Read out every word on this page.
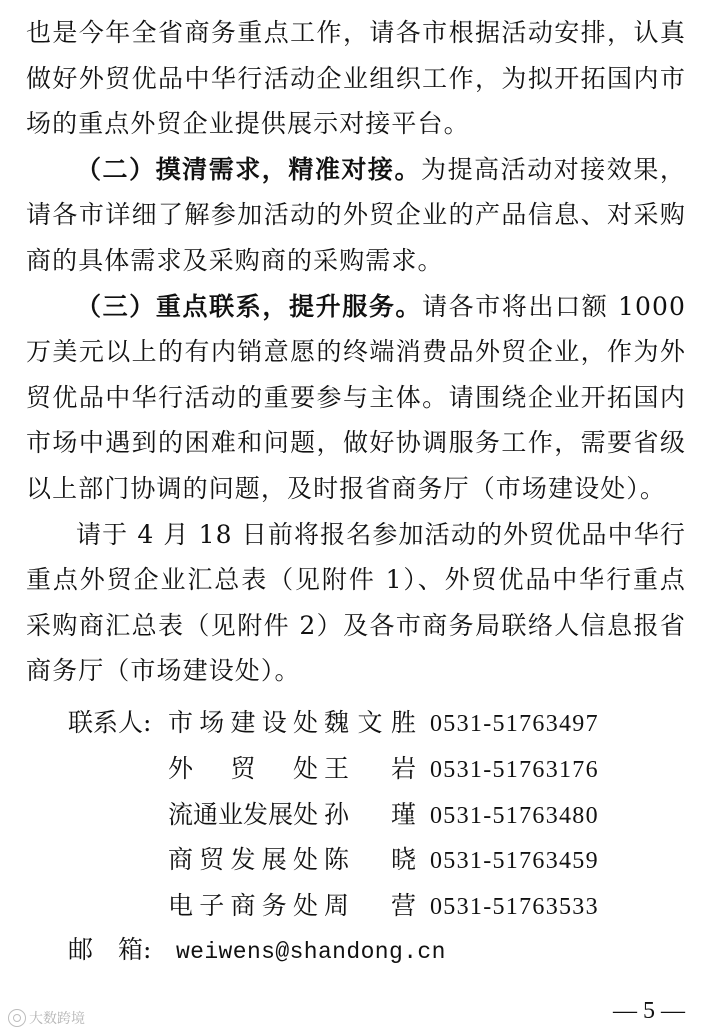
也是今年全省商务重点工作，请各市根据活动安排，认真做好外贸优品中华行活动企业组织工作，为拟开拓国内市场的重点外贸企业提供展示对接平台。

（二）摸清需求，精准对接。为提高活动对接效果，请各市详细了解参加活动的外贸企业的产品信息、对采购商的具体需求及采购商的采购需求。

（三）重点联系，提升服务。请各市将出口额 1000 万美元以上的有内销意愿的终端消费品外贸企业，作为外贸优品中华行活动的重要参与主体。请围绕企业开拓国内市场中遇到的困难和问题，做好协调服务工作，需要省级以上部门协调的问题，及时报省商务厅（市场建设处）。

请于 4 月 18 日前将报名参加活动的外贸优品中华行重点外贸企业汇总表（见附件 1）、外贸优品中华行重点采购商汇总表（见附件 2）及各市商务局联络人信息报省商务厅（市场建设处）。

联系人: 市 场 建 设 处 魏 文 胜 0531-51763497
外 贸 处 王 岩 0531-51763176
流 通 业 发 展 处 孙 瑾 0531-51763480
商 贸 发 展 处 陈 晓 0531-51763459
电 子 商 务 处 周 营 0531-51763533
邮　箱: weiwens@shandong.cn
— 5 —
大数跨境
